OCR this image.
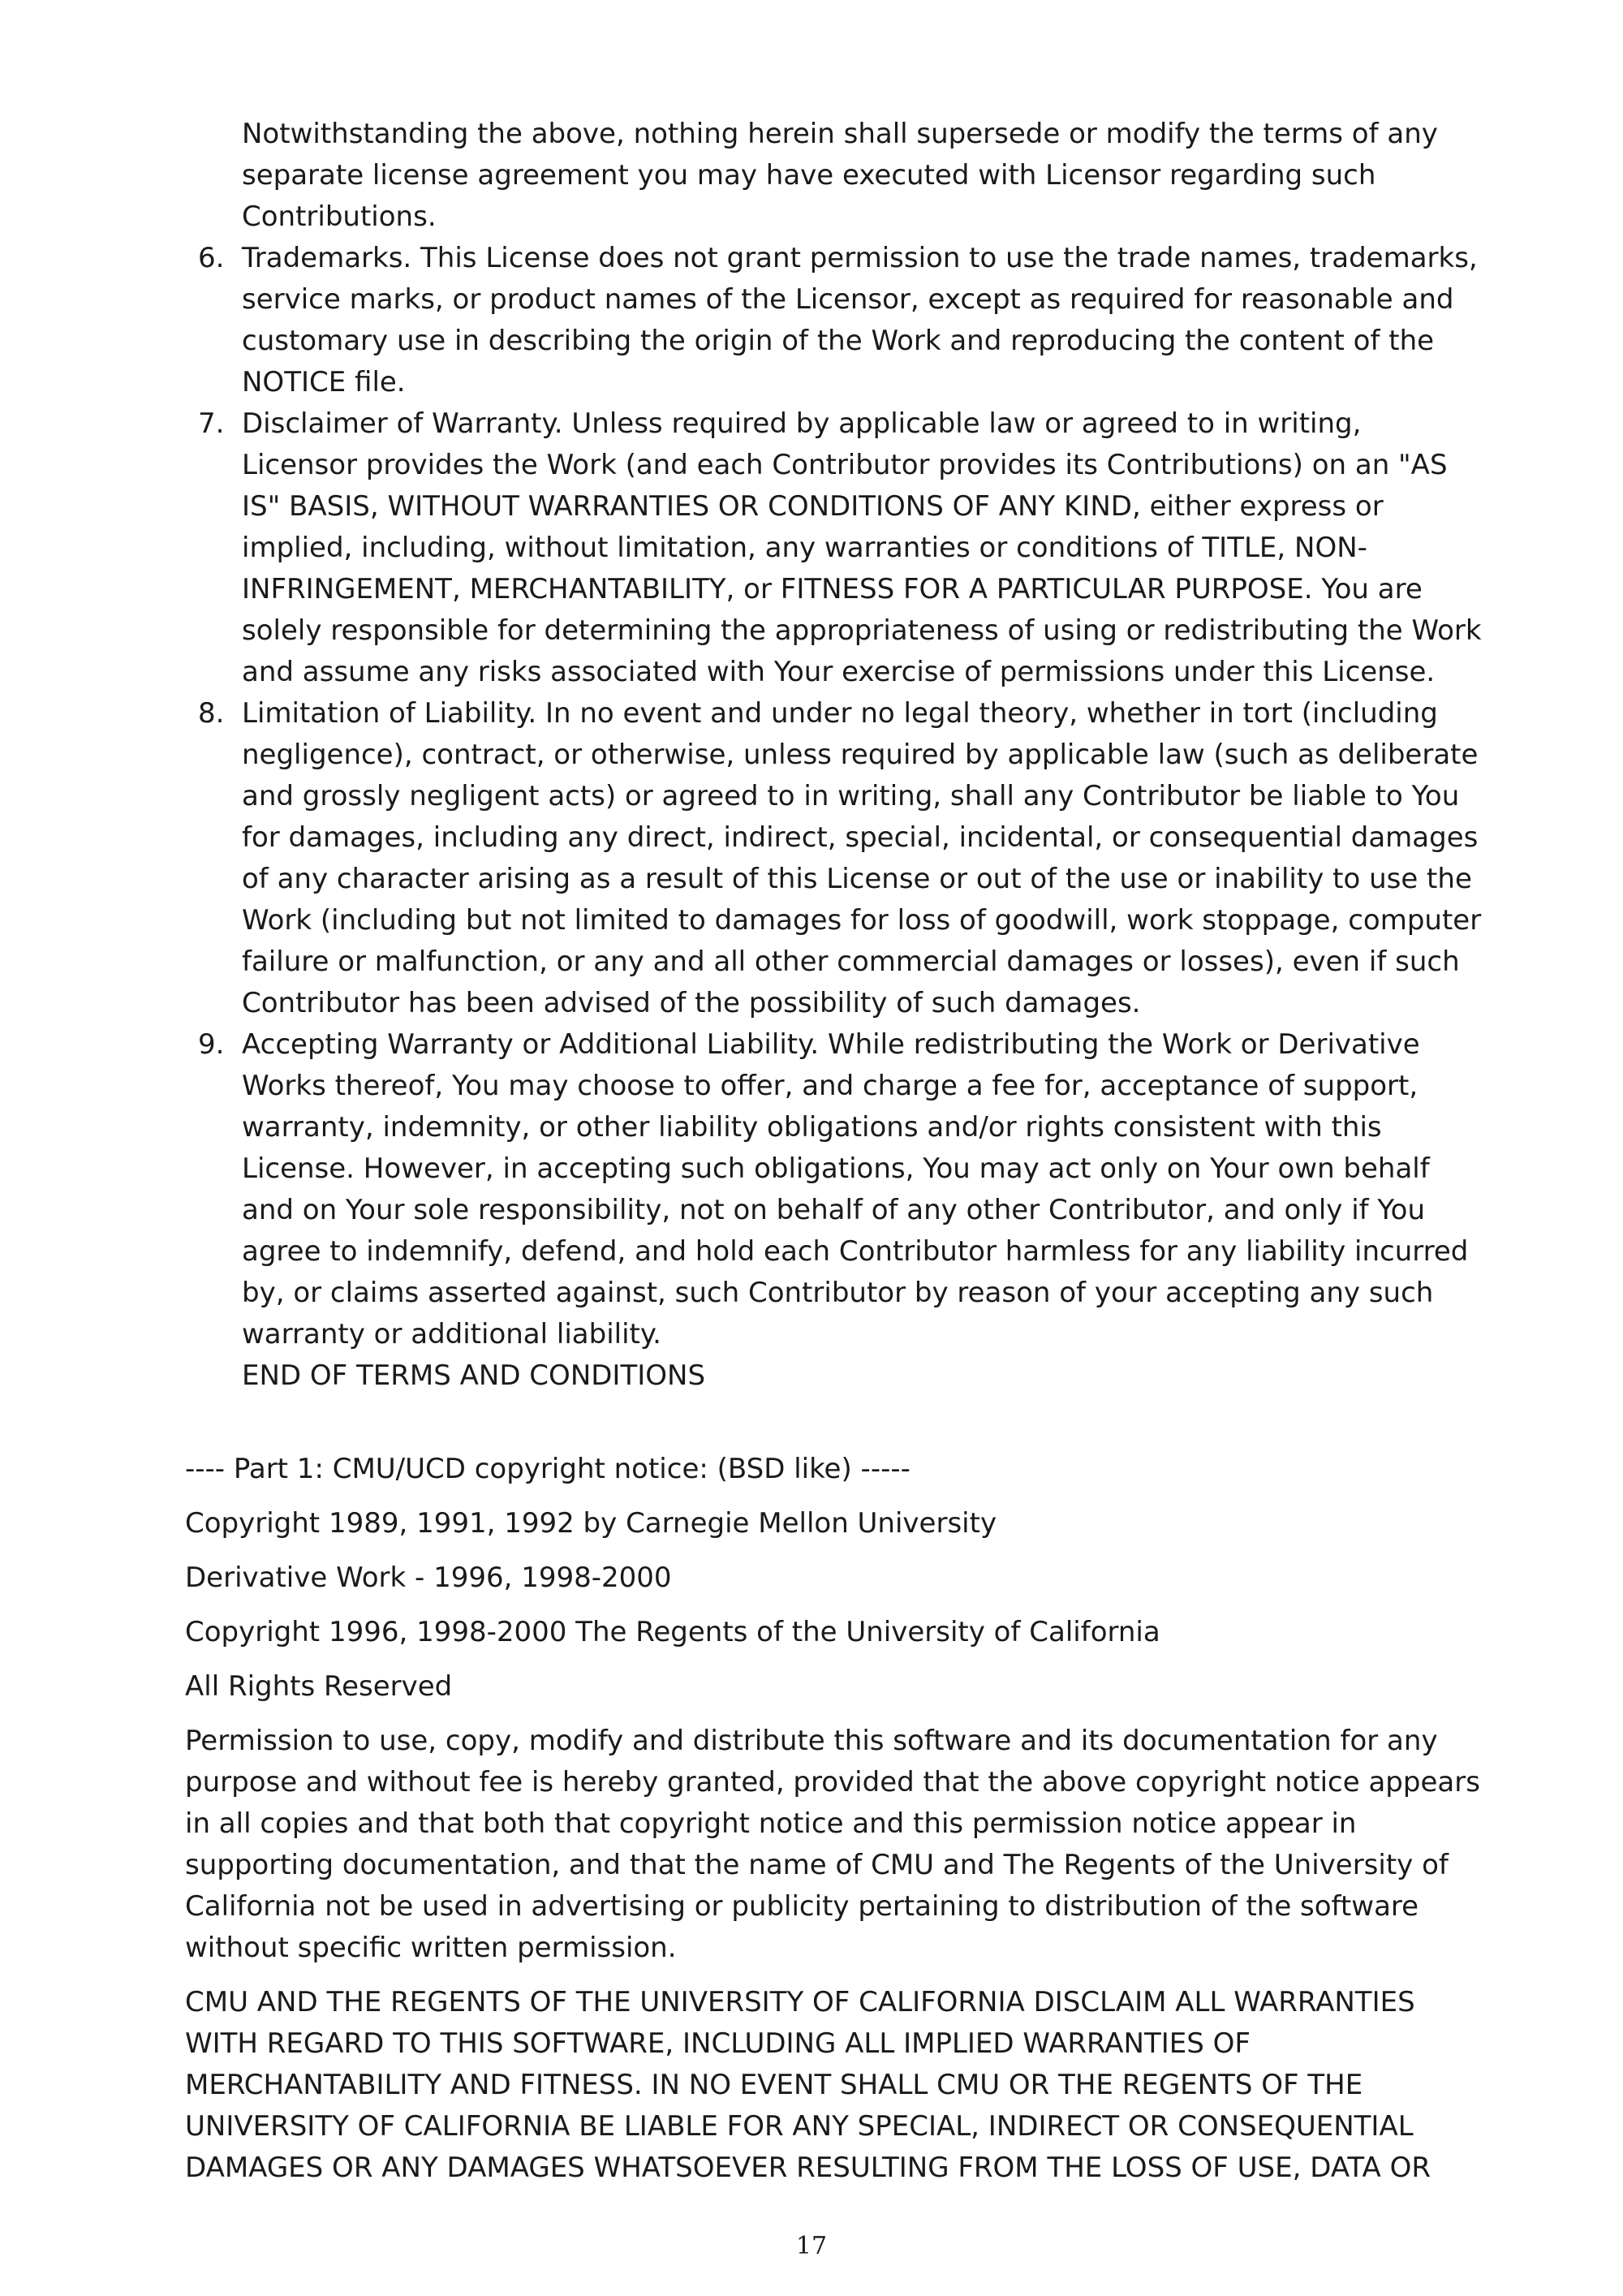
Notwithstanding the above, nothing herein shall supersede or modify the terms of any separate license agreement you may have executed with Licensor regarding such Contributions.
6. Trademarks. This License does not grant permission to use the trade names, trademarks, service marks, or product names of the Licensor, except as required for reasonable and customary use in describing the origin of the Work and reproducing the content of the NOTICE file.
7. Disclaimer of Warranty. Unless required by applicable law or agreed to in writing, Licensor provides the Work (and each Contributor provides its Contributions) on an "AS IS" BASIS, WITHOUT WARRANTIES OR CONDITIONS OF ANY KIND, either express or implied, including, without limitation, any warranties or conditions of TITLE, NON-INFRINGEMENT, MERCHANTABILITY, or FITNESS FOR A PARTICULAR PURPOSE. You are solely responsible for determining the appropriateness of using or redistributing the Work and assume any risks associated with Your exercise of permissions under this License.
8. Limitation of Liability. In no event and under no legal theory, whether in tort (including negligence), contract, or otherwise, unless required by applicable law (such as deliberate and grossly negligent acts) or agreed to in writing, shall any Contributor be liable to You for damages, including any direct, indirect, special, incidental, or consequential damages of any character arising as a result of this License or out of the use or inability to use the Work (including but not limited to damages for loss of goodwill, work stoppage, computer failure or malfunction, or any and all other commercial damages or losses), even if such Contributor has been advised of the possibility of such damages.
9. Accepting Warranty or Additional Liability. While redistributing the Work or Derivative Works thereof, You may choose to offer, and charge a fee for, acceptance of support, warranty, indemnity, or other liability obligations and/or rights consistent with this License. However, in accepting such obligations, You may act only on Your own behalf and on Your sole responsibility, not on behalf of any other Contributor, and only if You agree to indemnify, defend, and hold each Contributor harmless for any liability incurred by, or claims asserted against, such Contributor by reason of your accepting any such warranty or additional liability.
END OF TERMS AND CONDITIONS

---- Part 1: CMU/UCD copyright notice: (BSD like) -----

Copyright 1989, 1991, 1992 by Carnegie Mellon University

Derivative Work - 1996, 1998-2000

Copyright 1996, 1998-2000 The Regents of the University of California

All Rights Reserved

Permission to use, copy, modify and distribute this software and its documentation for any purpose and without fee is hereby granted, provided that the above copyright notice appears in all copies and that both that copyright notice and this permission notice appear in supporting documentation, and that the name of CMU and The Regents of the University of California not be used in advertising or publicity pertaining to distribution of the software without specific written permission.

CMU AND THE REGENTS OF THE UNIVERSITY OF CALIFORNIA DISCLAIM ALL WARRANTIES WITH REGARD TO THIS SOFTWARE, INCLUDING ALL IMPLIED WARRANTIES OF MERCHANTABILITY AND FITNESS. IN NO EVENT SHALL CMU OR THE REGENTS OF THE UNIVERSITY OF CALIFORNIA BE LIABLE FOR ANY SPECIAL, INDIRECT OR CONSEQUENTIAL DAMAGES OR ANY DAMAGES WHATSOEVER RESULTING FROM THE LOSS OF USE, DATA OR

17
